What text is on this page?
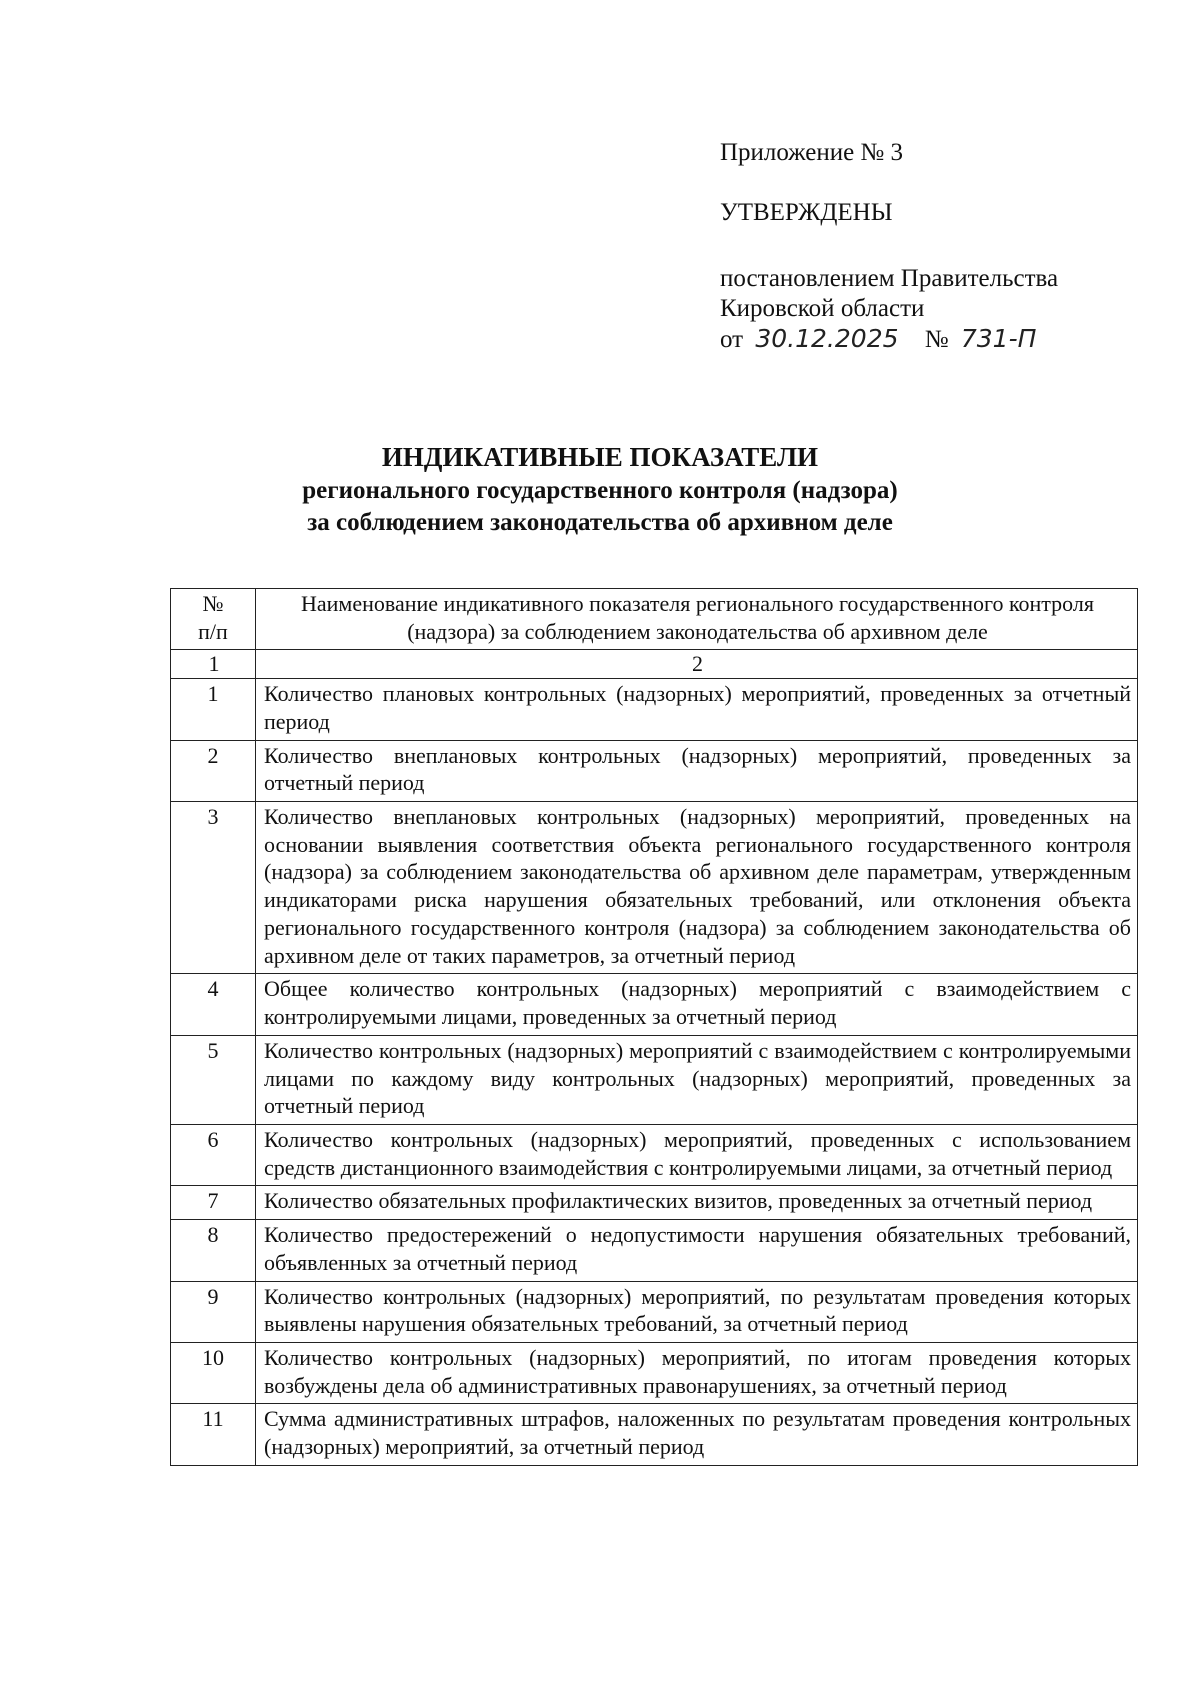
Приложение № 3
УТВЕРЖДЕНЫ
постановлением Правительства
Кировской области
от 30.12.2025 № 731-П
ИНДИКАТИВНЫЕ ПОКАЗАТЕЛИ
регионального государственного контроля (надзора)
за соблюдением законодательства об архивном деле
№
п/п	Наименование индикативного показателя регионального государственного контроля (надзора) за соблюдением законодательства об архивном деле
1	2
1	Количество плановых контрольных (надзорных) мероприятий, проведенных за отчетный период
2	Количество внеплановых контрольных (надзорных) мероприятий, проведенных за отчетный период
3	Количество внеплановых контрольных (надзорных) мероприятий, проведенных на основании выявления соответствия объекта регионального государственного контроля (надзора) за соблюдением законодательства об архивном деле параметрам, утвержденным индикаторами риска нарушения обязательных требований, или отклонения объекта регионального государственного контроля (надзора) за соблюдением законодательства об архивном деле от таких параметров, за отчетный период
4	Общее количество контрольных (надзорных) мероприятий с взаимодействием с контролируемыми лицами, проведенных за отчетный период
5	Количество контрольных (надзорных) мероприятий с взаимодействием с контролируемыми лицами по каждому виду контрольных (надзорных) мероприятий, проведенных за отчетный период
6	Количество контрольных (надзорных) мероприятий, проведенных с использованием средств дистанционного взаимодействия с контролируемыми лицами, за отчетный период
7	Количество обязательных профилактических визитов, проведенных за отчетный период
8	Количество предостережений о недопустимости нарушения обязательных требований, объявленных за отчетный период
9	Количество контрольных (надзорных) мероприятий, по результатам проведения которых выявлены нарушения обязательных требований, за отчетный период
10	Количество контрольных (надзорных) мероприятий, по итогам проведения которых возбуждены дела об административных правонарушениях, за отчетный период
11	Сумма административных штрафов, наложенных по результатам проведения контрольных (надзорных) мероприятий, за отчетный период
